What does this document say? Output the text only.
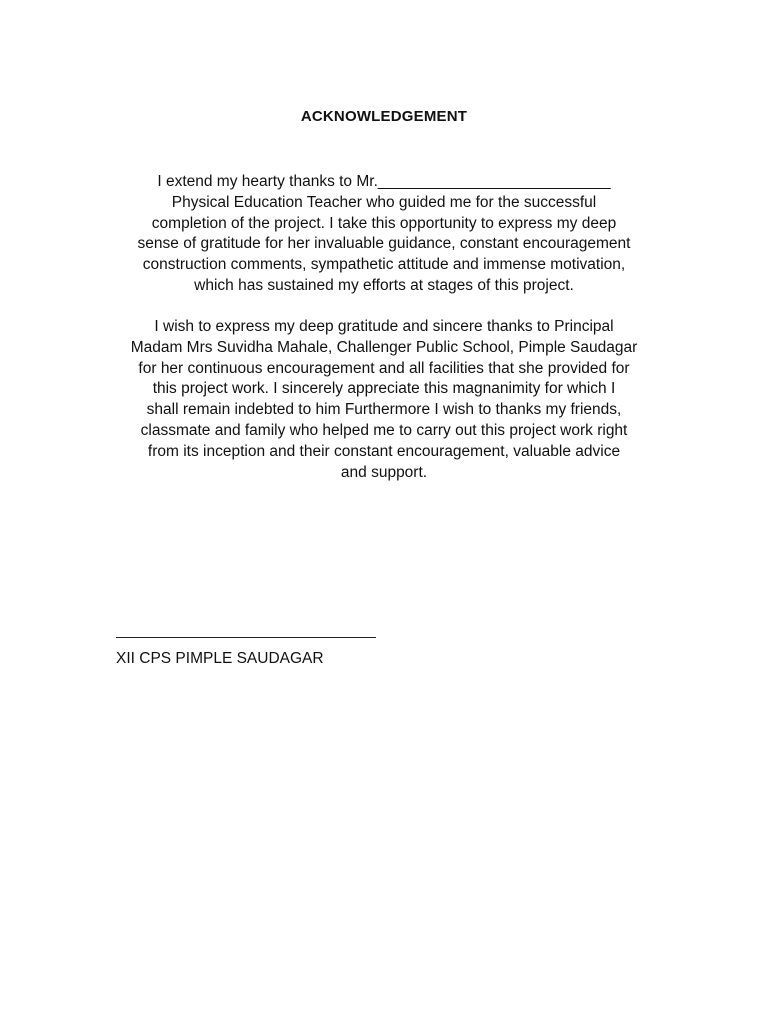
ACKNOWLEDGEMENT
I extend my hearty thanks to Mr.___________________________
Physical Education Teacher who guided me for the successful
completion of the project. I take this opportunity to express my deep
sense of gratitude for her invaluable guidance, constant encouragement
construction comments, sympathetic attitude and immense motivation,
which has sustained my efforts at stages of this project.
I wish to express my deep gratitude and sincere thanks to Principal
Madam Mrs Suvidha Mahale, Challenger Public School, Pimple Saudagar
for her continuous encouragement and all facilities that she provided for
this project work. I sincerely appreciate this magnanimity for which I
shall remain indebted to him Furthermore I wish to thanks my friends,
classmate and family who helped me to carry out this project work right
from its inception and their constant encouragement, valuable advice
and support.
XII CPS PIMPLE SAUDAGAR
